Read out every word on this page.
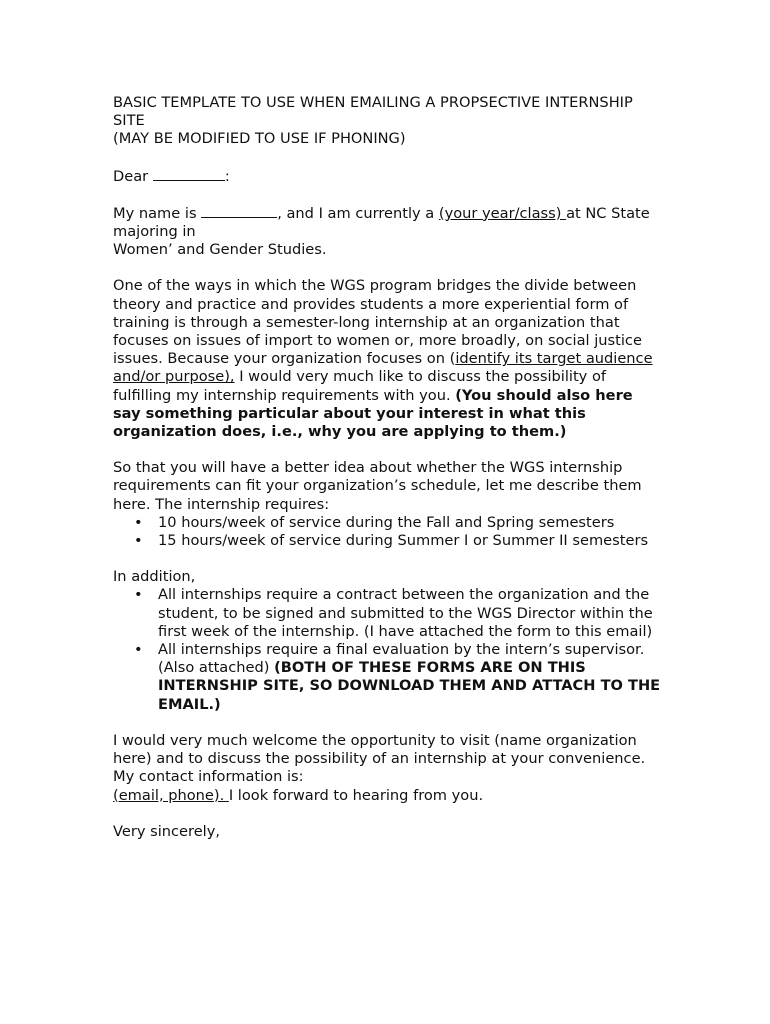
BASIC TEMPLATE TO USE WHEN EMAILING A PROPSECTIVE INTERNSHIP SITE
(MAY BE MODIFIED TO USE IF PHONING)

Dear	:

My name is	, and I am currently a (your year/class) at NC State majoring in
Women’ and Gender Studies.

One of the ways in which the WGS program bridges the divide between theory and practice and provides students a more experiential form of training is through a semester-long internship at an organization that focuses on issues of import to women or, more broadly, on social justice issues. Because your organization focuses on (identify its target audience and/or purpose), I would very much like to discuss the possibility of fulfilling my internship requirements with you. (You should also here say something particular about your interest in what this organization does, i.e., why you are applying to them.)

So that you will have a better idea about whether the WGS internship requirements can fit your organization’s schedule, let me describe them here. The internship requires:

• 10 hours/week of service during the Fall and Spring semesters
• 15 hours/week of service during Summer I or Summer II semesters

In addition,

• All internships require a contract between the organization and the student, to be signed and submitted to the WGS Director within the first week of the internship. (I have attached the form to this email)
• All internships require a final evaluation by the intern’s supervisor. (Also attached) (BOTH OF THESE FORMS ARE ON THIS INTERNSHIP SITE, SO DOWNLOAD THEM AND ATTACH TO THE EMAIL.)

I would very much welcome the opportunity to visit (name organization here) and to discuss the possibility of an internship at your convenience. My contact information is:
(email, phone). I look forward to hearing from you.

Very sincerely,
